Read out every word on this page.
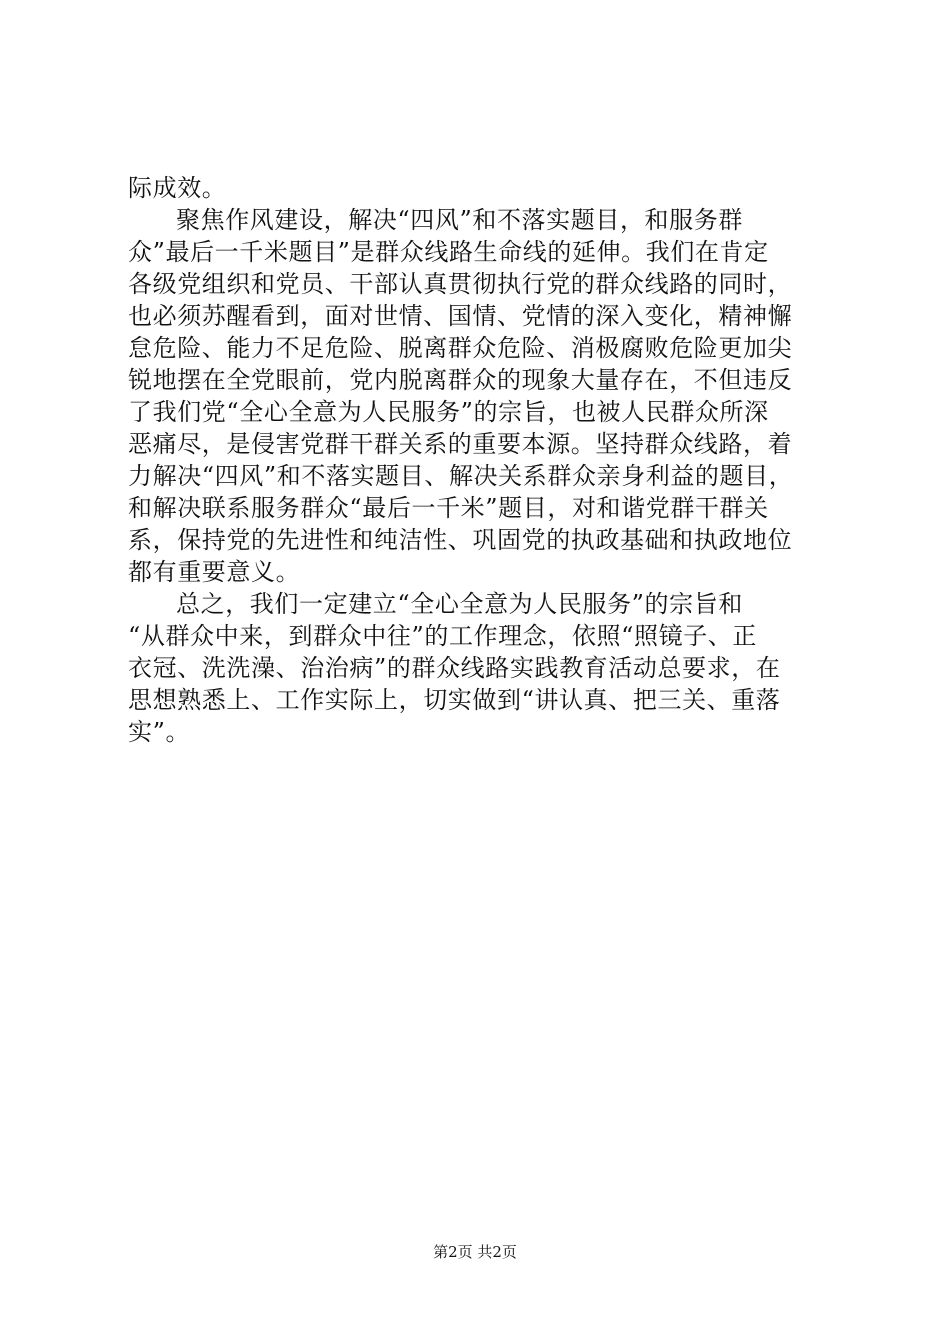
际成效。
聚焦作风建设，解决“四风”和不落实题目，和服务群
众”最后一千米题目”是群众线路生命线的延伸。我们在肯定
各级党组织和党员、干部认真贯彻执行党的群众线路的同时，
也必须苏醒看到，面对世情、国情、党情的深入变化，精神懈
怠危险、能力不足危险、脱离群众危险、消极腐败危险更加尖
锐地摆在全党眼前，党内脱离群众的现象大量存在，不但违反
了我们党“全心全意为人民服务”的宗旨，也被人民群众所深
恶痛尽，是侵害党群干群关系的重要本源。坚持群众线路，着
力解决“四风”和不落实题目、解决关系群众亲身利益的题目，
和解决联系服务群众“最后一千米”题目，对和谐党群干群关
系，保持党的先进性和纯洁性、巩固党的执政基础和执政地位
都有重要意义。
总之，我们一定建立“全心全意为人民服务”的宗旨和
“从群众中来，到群众中往”的工作理念，依照“照镜子、正
衣冠、洗洗澡、治治病”的群众线路实践教育活动总要求，在
思想熟悉上、工作实际上，切实做到“讲认真、把三关、重落
实”。
第2页 共2页
